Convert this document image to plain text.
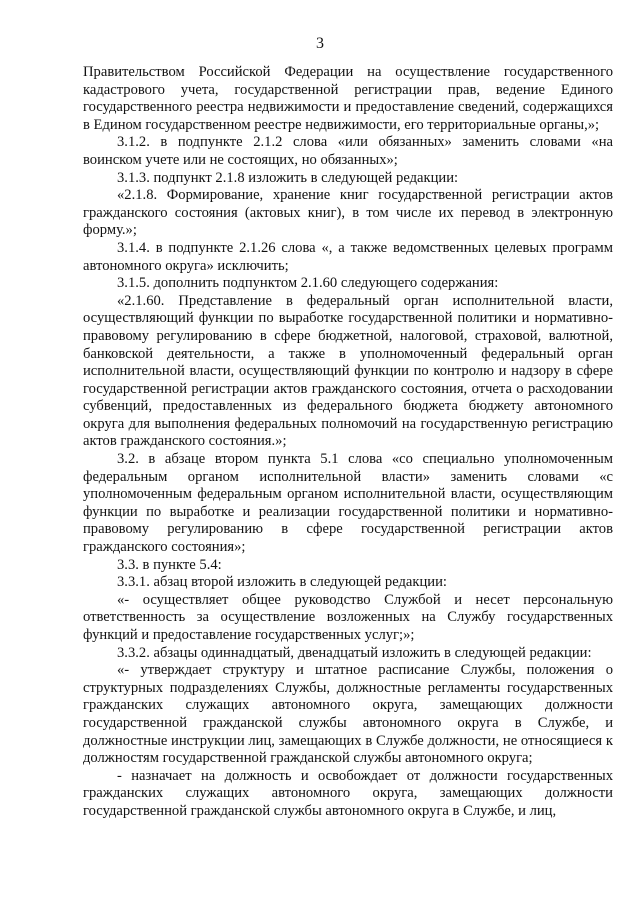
3

Правительством Российской Федерации на осуществление государственного кадастрового учета, государственной регистрации прав, ведение Единого государственного реестра недвижимости и предоставление сведений, содержащихся в Едином государственном реестре недвижимости, его территориальные органы,»;

3.1.2. в подпункте 2.1.2 слова «или обязанных» заменить словами «на воинском учете или не состоящих, но обязанных»;

3.1.3. подпункт 2.1.8 изложить в следующей редакции:

«2.1.8. Формирование, хранение книг государственной регистрации актов гражданского состояния (актовых книг), в том числе их перевод в электронную форму.»;

3.1.4. в подпункте 2.1.26 слова «, а также ведомственных целевых программ автономного округа» исключить;

3.1.5. дополнить подпунктом 2.1.60 следующего содержания:

«2.1.60. Представление в федеральный орган исполнительной власти, осуществляющий функции по выработке государственной политики и нормативно-правовому регулированию в сфере бюджетной, налоговой, страховой, валютной, банковской деятельности, а также в уполномоченный федеральный орган исполнительной власти, осуществляющий функции по контролю и надзору в сфере государственной регистрации актов гражданского состояния, отчета о расходовании субвенций, предоставленных из федерального бюджета бюджету автономного округа для выполнения федеральных полномочий на государственную регистрацию актов гражданского состояния.»;

3.2. в абзаце втором пункта 5.1 слова «со специально уполномоченным федеральным органом исполнительной власти» заменить словами «с уполномоченным федеральным органом исполнительной власти, осуществляющим функции по выработке и реализации государственной политики и нормативно-правовому регулированию в сфере государственной регистрации актов гражданского состояния»;

3.3. в пункте 5.4:

3.3.1. абзац второй изложить в следующей редакции:

«- осуществляет общее руководство Службой и несет персональную ответственность за осуществление возложенных на Службу государственных функций и предоставление государственных услуг;»;

3.3.2. абзацы одиннадцатый, двенадцатый изложить в следующей редакции:

«- утверждает структуру и штатное расписание Службы, положения о структурных подразделениях Службы, должностные регламенты государственных гражданских служащих автономного округа, замещающих должности государственной гражданской службы автономного округа в Службе, и должностные инструкции лиц, замещающих в Службе должности, не относящиеся к должностям государственной гражданской службы автономного округа;

- назначает на должность и освобождает от должности государственных гражданских служащих автономного округа, замещающих должности государственной гражданской службы автономного округа в Службе, и лиц,
